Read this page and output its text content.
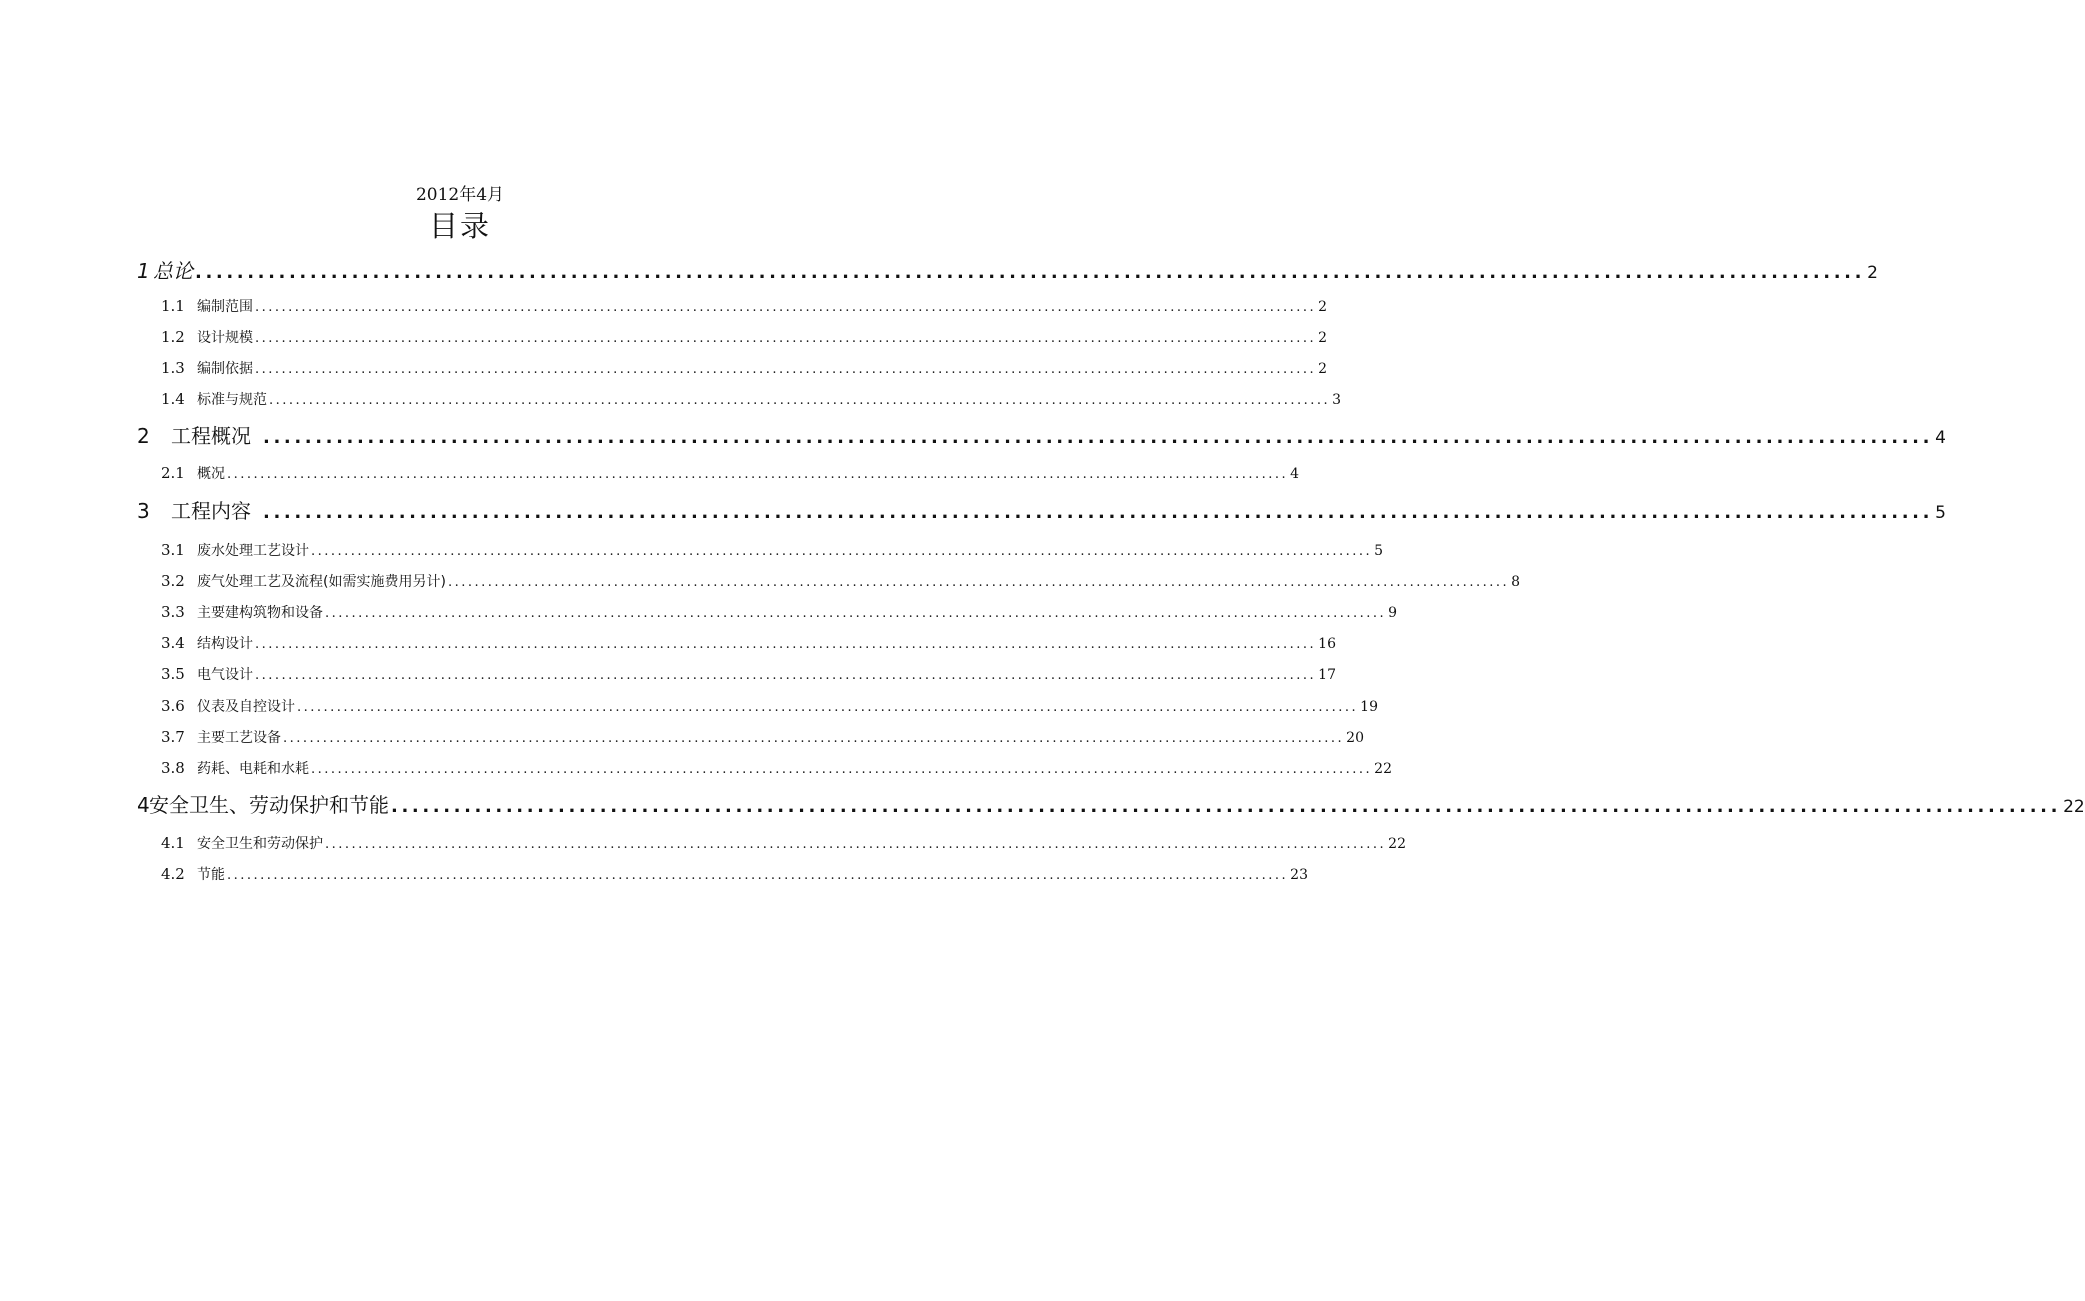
2012年4月
目录
1 总论 ................................................................................................................................................................ 2
1.1 编制范围 ................................................................................................................................................................ 2
1.2 设计规模 ................................................................................................................................................................ 2
1.3 编制依据 ................................................................................................................................................................ 2
1.4 标准与规范 ................................................................................................................................................................ 3
2	工程概况 ................................................................................................................................................................ 4
2.1 概况 ................................................................................................................................................................ 4
3	工程内容 ................................................................................................................................................................ 5
3.1 废水处理工艺设计 ................................................................................................................................................................ 5
3.2 废气处理工艺及流程(如需实施费用另计) ................................................................................................................................................................ 8
3.3 主要建构筑物和设备 ................................................................................................................................................................ 9
3.4 结构设计 ................................................................................................................................................................ 16
3.5 电气设计 ................................................................................................................................................................ 17
3.6 仪表及自控设计 ................................................................................................................................................................ 19
3.7 主要工艺设备 ................................................................................................................................................................ 20
3.8 药耗、电耗和水耗 ................................................................................................................................................................ 22
4 安全卫生、劳动保护和节能 ................................................................................................................................................................ 22
4.1 安全卫生和劳动保护 ................................................................................................................................................................ 22
4.2 节能 ................................................................................................................................................................ 23
